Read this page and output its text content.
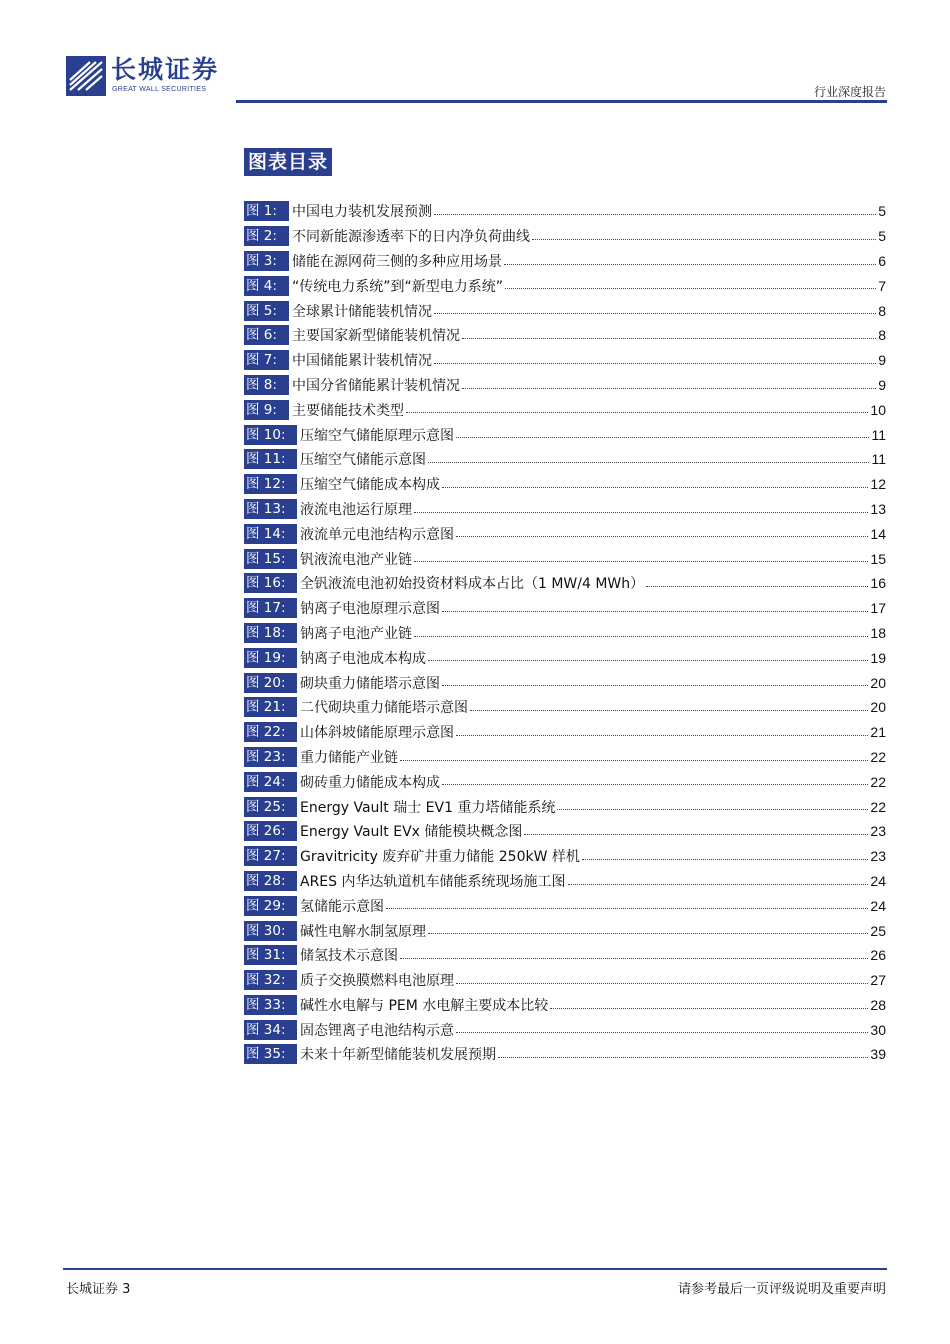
长城证券
GREAT WALL SECURITIES	行业深度报告
图表目录
图 1:	中国电力装机发展预测	5
图 2:	不同新能源渗透率下的日内净负荷曲线	5
图 3:	储能在源网荷三侧的多种应用场景	6
图 4:	“传统电力系统”到“新型电力系统”	7
图 5:	全球累计储能装机情况	8
图 6:	主要国家新型储能装机情况	8
图 7:	中国储能累计装机情况	9
图 8:	中国分省储能累计装机情况	9
图 9:	主要储能技术类型	10
图 10:	压缩空气储能原理示意图	11
图 11:	压缩空气储能示意图	11
图 12:	压缩空气储能成本构成	12
图 13:	液流电池运行原理	13
图 14:	液流单元电池结构示意图	14
图 15:	钒液流电池产业链	15
图 16:	全钒液流电池初始投资材料成本占比（1 MW/4 MWh）	16
图 17:	钠离子电池原理示意图	17
图 18:	钠离子电池产业链	18
图 19:	钠离子电池成本构成	19
图 20:	砌块重力储能塔示意图	20
图 21:	二代砌块重力储能塔示意图	20
图 22:	山体斜坡储能原理示意图	21
图 23:	重力储能产业链	22
图 24:	砌砖重力储能成本构成	22
图 25:	Energy Vault 瑞士 EV1 重力塔储能系统	22
图 26:	Energy Vault EVx 储能模块概念图	23
图 27:	Gravitricity 废弃矿井重力储能 250kW 样机	23
图 28:	ARES 内华达轨道机车储能系统现场施工图	24
图 29:	氢储能示意图	24
图 30:	碱性电解水制氢原理	25
图 31:	储氢技术示意图	26
图 32:	质子交换膜燃料电池原理	27
图 33:	碱性水电解与 PEM 水电解主要成本比较	28
图 34:	固态锂离子电池结构示意	30
图 35:	未来十年新型储能装机发展预期	39
长城证券 3	请参考最后一页评级说明及重要声明
